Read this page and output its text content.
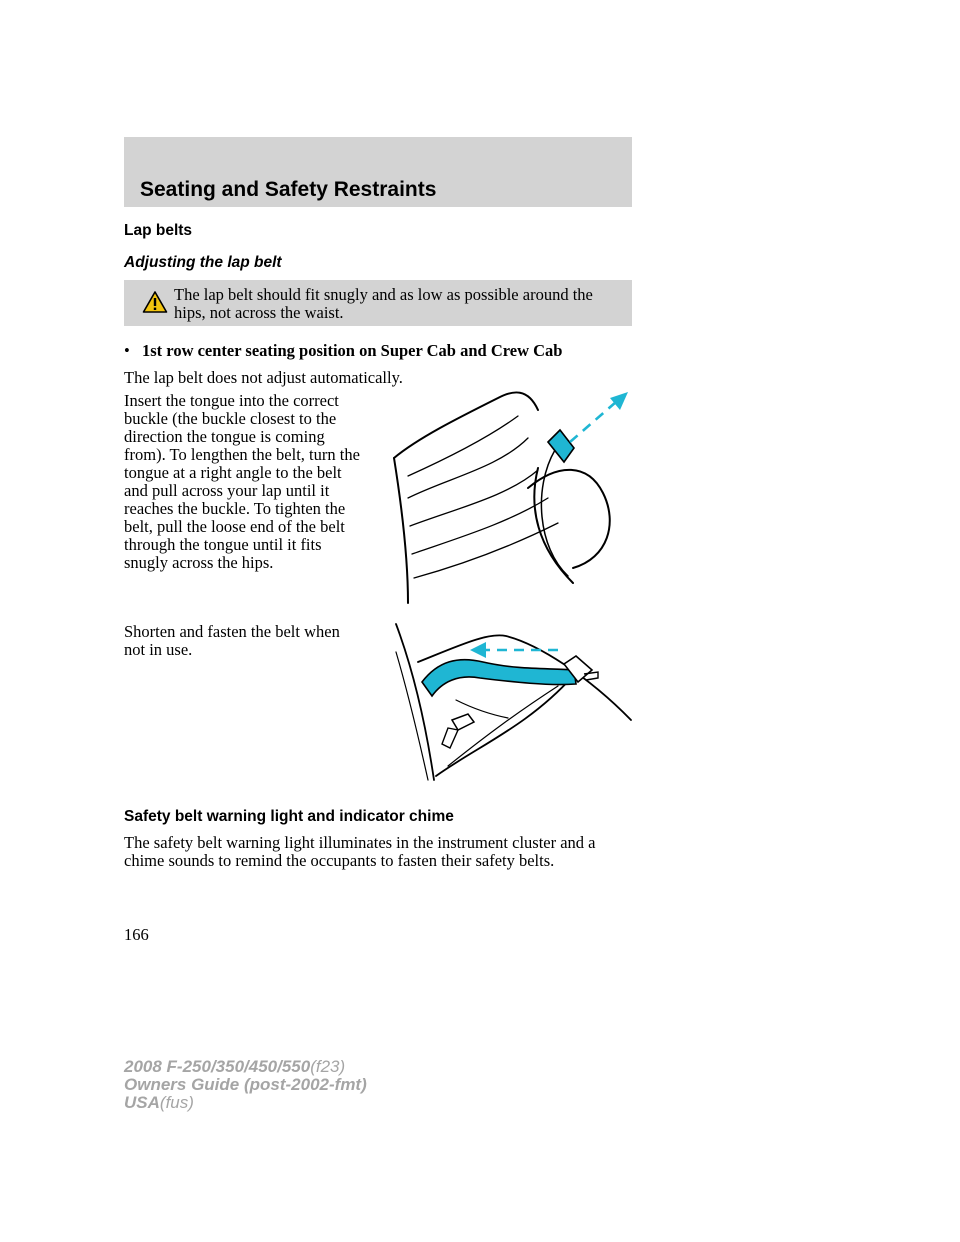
Seating and Safety Restraints
Lap belts
Adjusting the lap belt
The lap belt should fit snugly and as low as possible around the
hips, not across the waist.
• 1st row center seating position on Super Cab and Crew Cab
The lap belt does not adjust automatically.
Insert the tongue into the correct
buckle (the buckle closest to the
direction the tongue is coming
from). To lengthen the belt, turn the
tongue at a right angle to the belt
and pull across your lap until it
reaches the buckle. To tighten the
belt, pull the loose end of the belt
through the tongue until it fits
snugly across the hips.
Shorten and fasten the belt when
not in use.
Safety belt warning light and indicator chime
The safety belt warning light illuminates in the instrument cluster and a
chime sounds to remind the occupants to fasten their safety belts.
166
2008 F-250/350/450/550(f23)
Owners Guide (post-2002-fmt)
USA(fus)
